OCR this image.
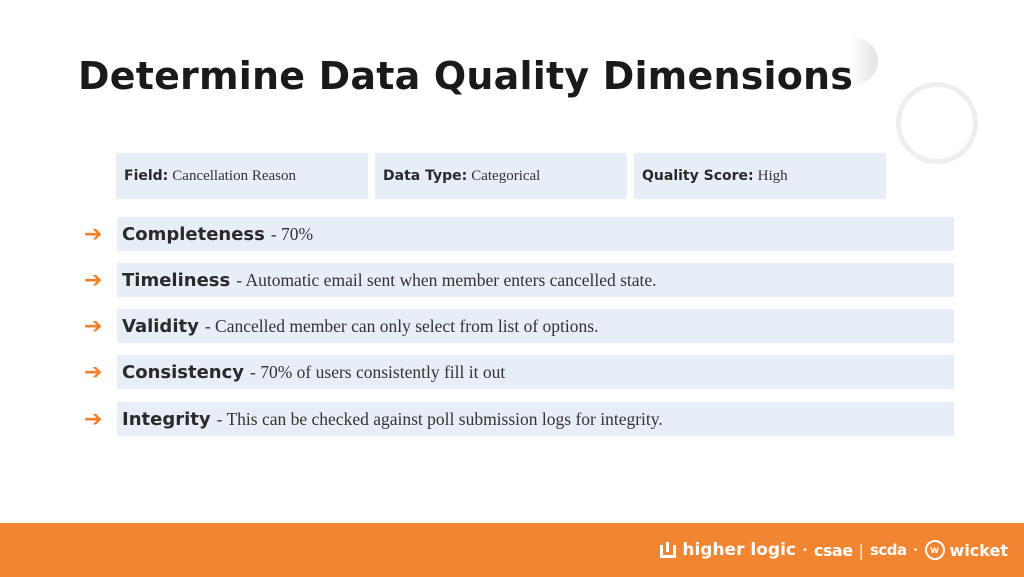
Determine Data Quality Dimensions
Field: Cancellation Reason	Data Type: Categorical	Quality Score: High
➔	Completeness - 70%
➔	Timeliness - Automatic email sent when member enters cancelled state.
➔	Validity - Cancelled member can only select from list of options.
➔	Consistency - 70% of users consistently fill it out
➔	Integrity - This can be checked against poll submission logs for integrity.
higher logic • csae | scda •	w wicket
